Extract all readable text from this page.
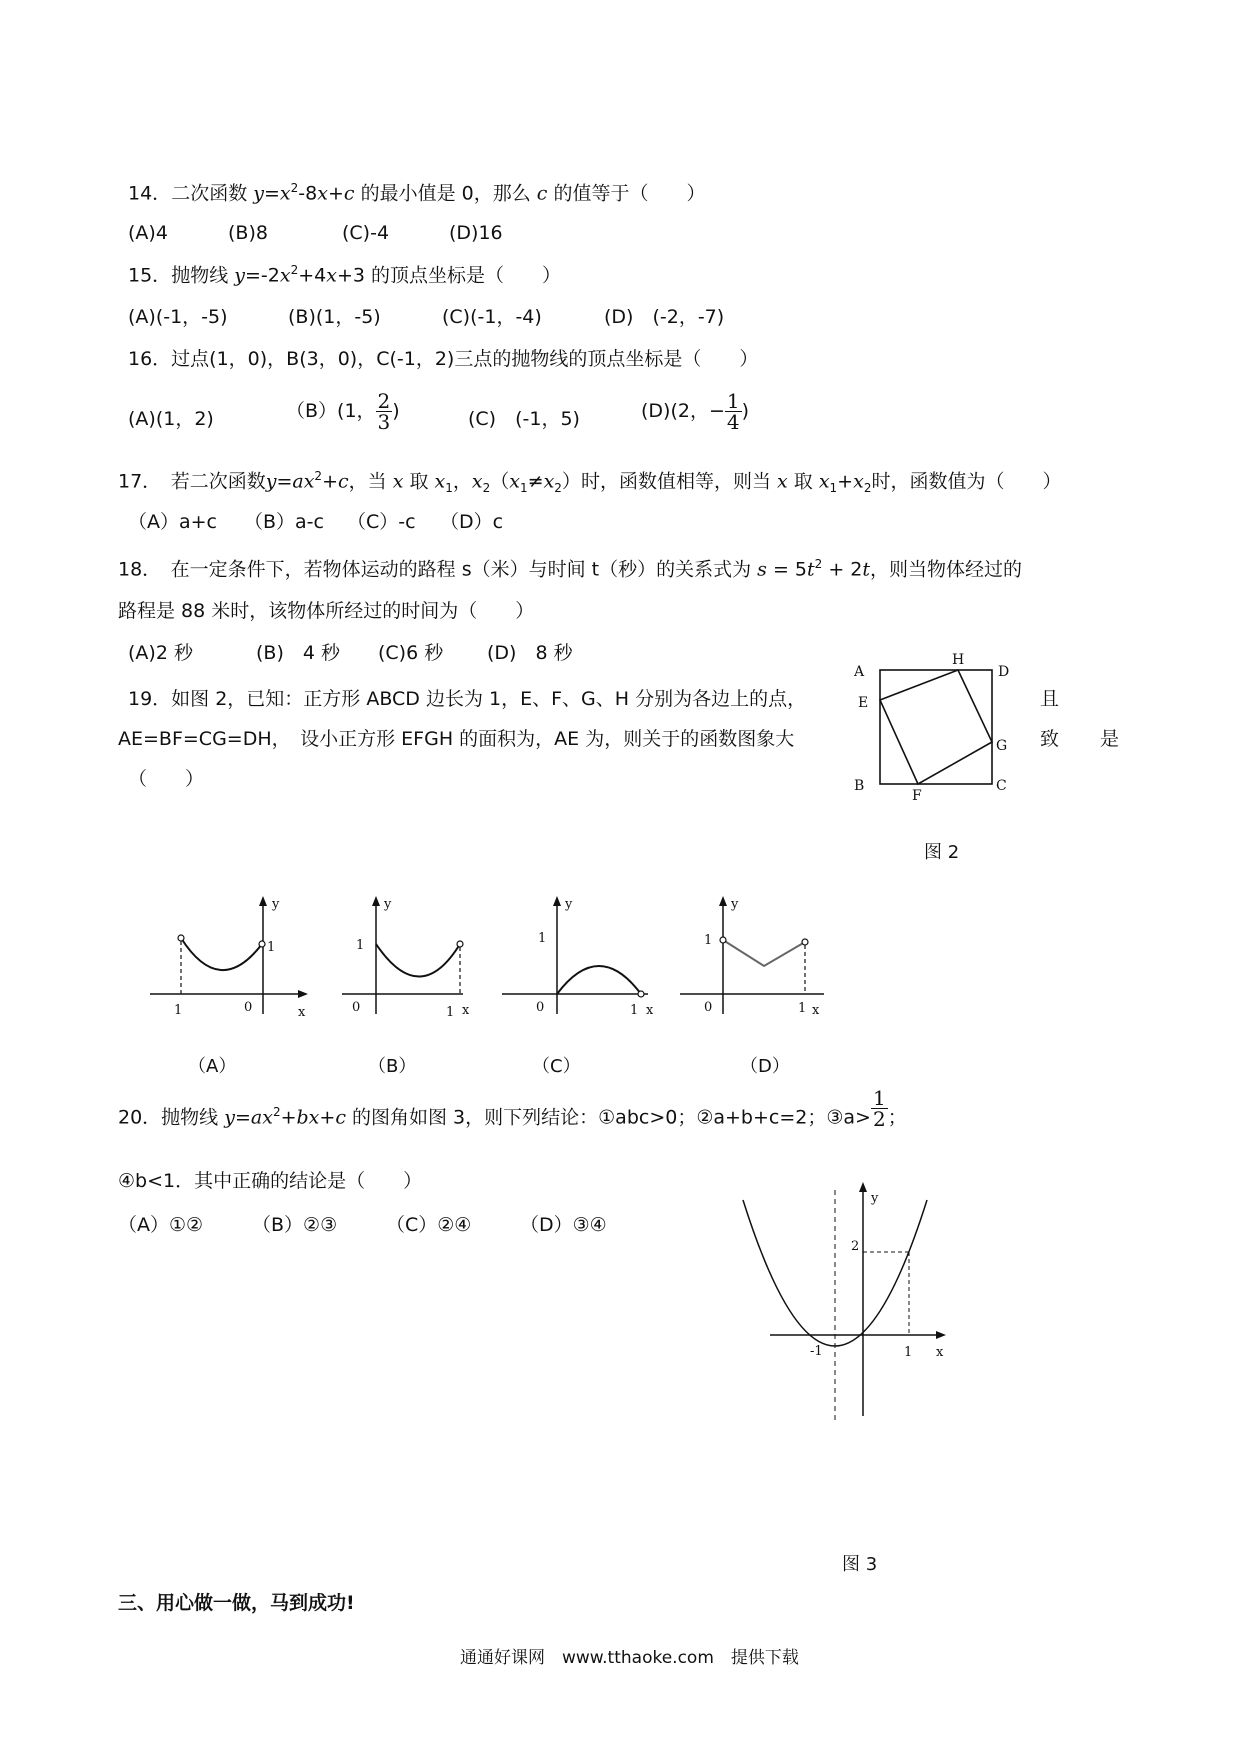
14．二次函数 $y=x^2-8x+c$ 的最小值是 0，那么 c 的值等于（　　）
(A)4	(B)8	(C)-4	(D)16
15．抛物线 $y=-2x^2+4x+3$ 的顶点坐标是（　　）
(A)(-1，-5)	(B)(1，-5)	(C)(-1，-4)	(D)　(-2，-7)
16．过点(1，0)，B(3，0)，C(-1，2)三点的抛物线的顶点坐标是（　　）
(A)(1，2)	（B）(1， $\frac{2}{3}$ )	(C)　(-1，5)	(D)(2，− $\frac{1}{4}$ )
17．　 若二次函数$y=ax^2+c$，当 x 取 $x_1$，$x_2(x_1\ne x_2)$时，函数值相等，则当 x 取 $x_1+x_2$时，函数值为（　　）
（A）a+c （B）a-c （C）-c （D）c
18．　在一定条件下，若物体运动的路程 s（米）与时间 t（秒）的关系式为 $s = 5t^2 + 2t$，则当物体经过的
路程是 88 米时，该物体所经过的时间为（　　）
(A)2 秒	(B)　4 秒 (C)6 秒 (D)　8 秒
19．如图 2，已知：正方形 ABCD 边长为 1，E、F、G、H 分别为各边上的点，	且
AE=BF=CG=DH，　设小正方形 EFGH 的面积为，AE 为，则关于的函数图象大	致 是
（　　）
A
H
D
E
G
B
F
C
图 2
y
1
1	0	x
（A）
y
1
0	1 x
（B）
y
1
0	1 x
（C）
y
1
0	1 x
（D）
20．抛物线 $y=ax^2+bx+c$ 的图角如图 3，则下列结论：①abc>0；②a+b+c=2；③a> $\frac{1}{2}$ ；
④b<1．其中正确的结论是（　　）
（A）①②	（B）②③	（C）②④	（D）③④
x
y
2
-1	1
图 3
三、用心做一做，马到成功!
通通好课网　www.tthaoke.com　提供下载
